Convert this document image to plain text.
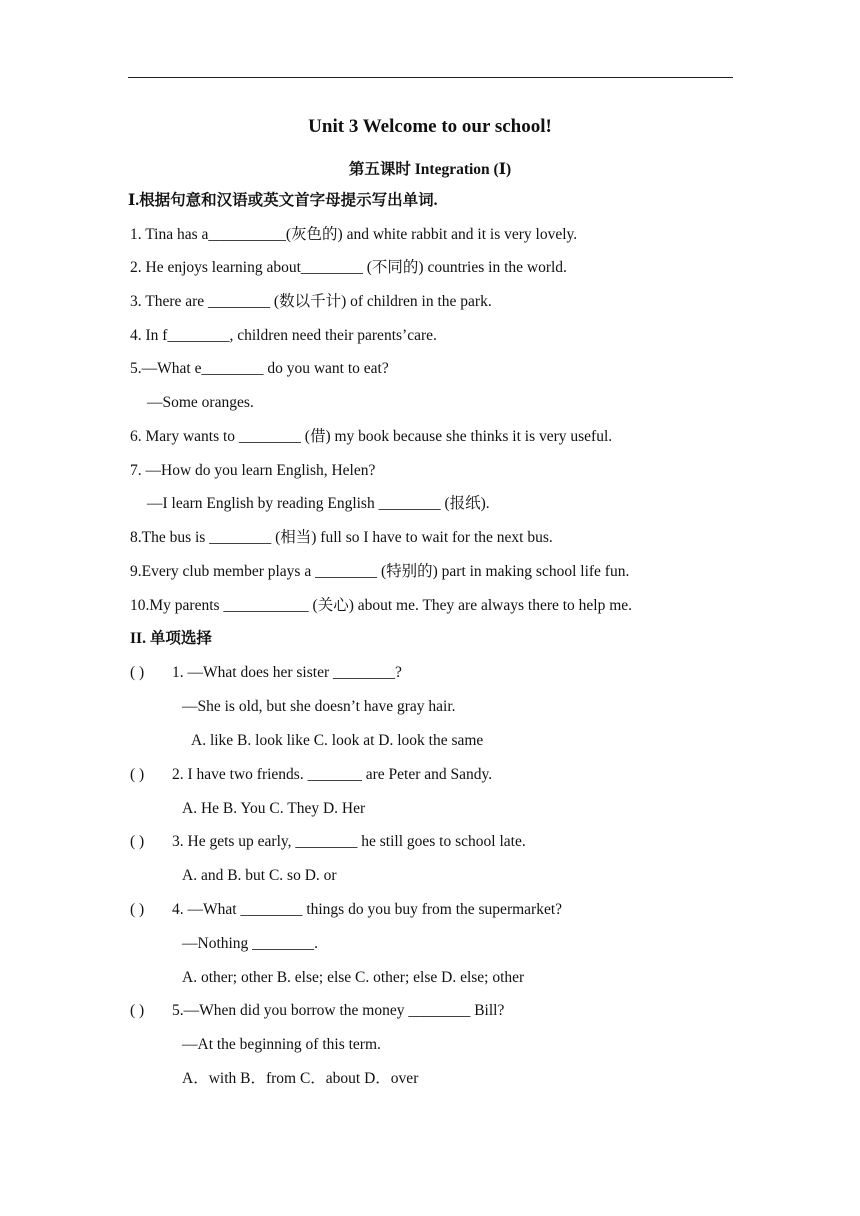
Unit 3 Welcome to our school!
第五课时 Integration (Ⅰ)
Ⅰ.根据句意和汉语或英文首字母提示写出单词.
1. Tina has a__________(灰色的) and white rabbit and it is very lovely.
2. He enjoys learning about________ (不同的) countries in the world.
3. There are ________ (数以千计) of children in the park.
4. In f________, children need their parents’care.
5.—What e________ do you want to eat?
—Some oranges.
6. Mary wants to ________ (借) my book because she thinks it is very useful.
7. —How do you learn English, Helen?
—I learn English by reading English ________ (报纸).
8.The bus is ________ (相当) full so I have to wait for the next bus.
9.Every club member plays a ________ (特别的) part in making school life fun.
10.My parents ___________ (关心) about me. They are always there to help me.
II. 单项选择
( ) 1. —What does her sister ________?
—She is old, but she doesn’t have gray hair.
A. like B. look like C. look at D. look the same
( ) 2. I have two friends. _______ are Peter and Sandy.
A. He B. You C. They D. Her
( ) 3. He gets up early, ________ he still goes to school late.
A. and B. but C. so D. or
( ) 4. —What ________ things do you buy from the supermarket?
—Nothing ________.
A. other; other B. else; else C. other; else D. else; other
( ) 5.—When did you borrow the money ________ Bill?
—At the beginning of this term.
A．with B．from C．about D．over
